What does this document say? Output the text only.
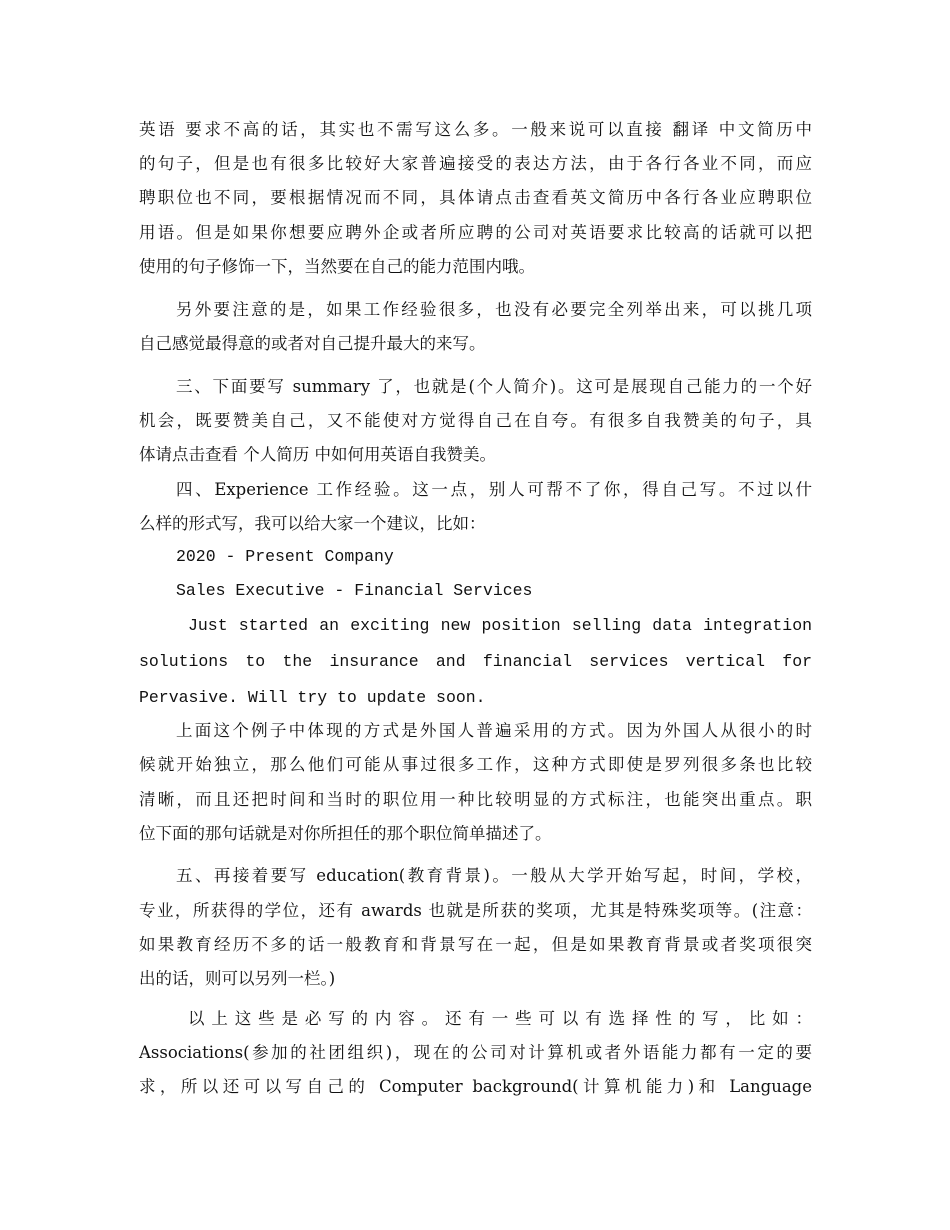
英语 要求不高的话，其实也不需写这么多。一般来说可以直接 翻译 中文简历中

的句子，但是也有很多比较好大家普遍接受的表达方法，由于各行各业不同，而应

聘职位也不同，要根据情况而不同，具体请点击查看英文简历中各行各业应聘职位

用语。但是如果你想要应聘外企或者所应聘的公司对英语要求比较高的话就可以把

使用的句子修饰一下，当然要在自己的能力范围内哦。

另外要注意的是，如果工作经验很多，也没有必要完全列举出来，可以挑几项

自己感觉最得意的或者对自己提升最大的来写。

三、下面要写 summary 了，也就是(个人简介)。这可是展现自己能力的一个好

机会，既要赞美自己，又不能使对方觉得自己在自夸。有很多自我赞美的句子，具

体请点击查看 个人简历 中如何用英语自我赞美。

四、Experience 工作经验。这一点，别人可帮不了你，得自己写。不过以什

么样的形式写，我可以给大家一个建议，比如：

2020 - Present Company

Sales Executive - Financial Services

Just started an exciting new position selling data integration

solutions to the insurance and financial services vertical for

Pervasive. Will try to update soon.

上面这个例子中体现的方式是外国人普遍采用的方式。因为外国人从很小的时

候就开始独立，那么他们可能从事过很多工作，这种方式即使是罗列很多条也比较

清晰，而且还把时间和当时的职位用一种比较明显的方式标注，也能突出重点。职

位下面的那句话就是对你所担任的那个职位简单描述了。

五、再接着要写 education(教育背景)。一般从大学开始写起，时间，学校，

专业，所获得的学位，还有 awards 也就是所获的奖项，尤其是特殊奖项等。(注意：

如果教育经历不多的话一般教育和背景写在一起，但是如果教育背景或者奖项很突

出的话，则可以另列一栏。)

以上这些是必写的内容。还有一些可以有选择性的写，比如：

Associations(参加的社团组织)，现在的公司对计算机或者外语能力都有一定的要

求，所以还可以写自己的 Computer background(计算机能力)和 Language
